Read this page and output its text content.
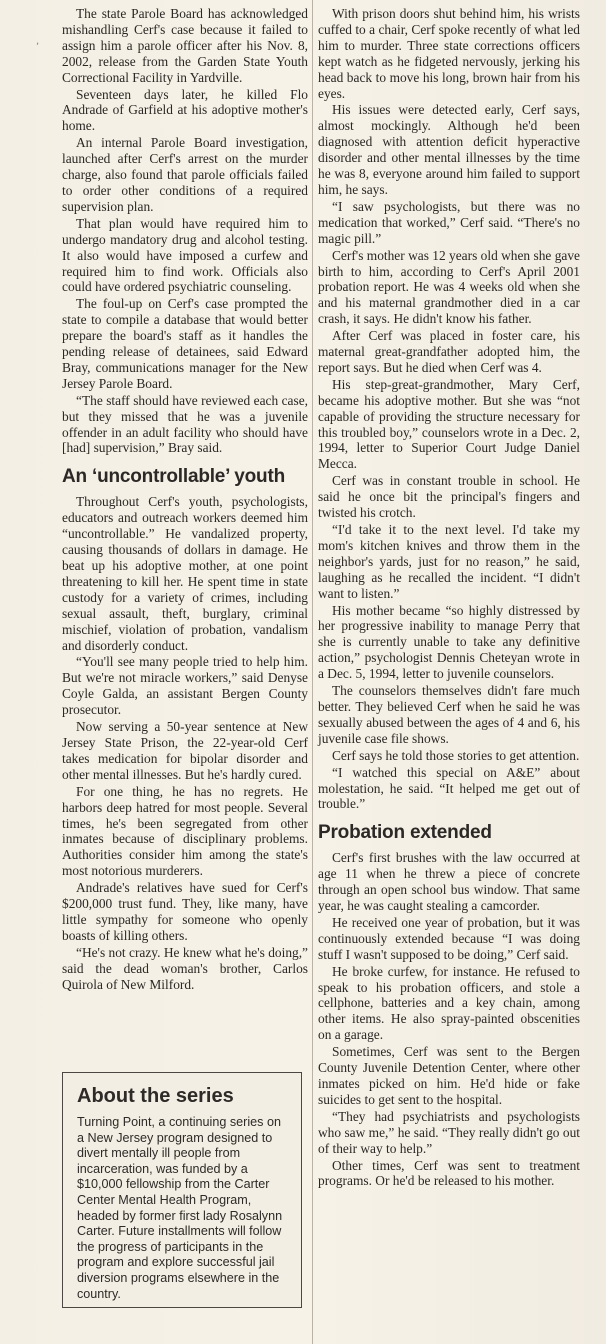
,

The state Parole Board has acknowledged mishandling Cerf's case because it failed to assign him a parole officer after his Nov. 8, 2002, release from the Garden State Youth Correctional Facility in Yardville.

Seventeen days later, he killed Flo Andrade of Garfield at his adoptive mother's home.

An internal Parole Board investigation, launched after Cerf's arrest on the murder charge, also found that parole officials failed to order other conditions of a required supervision plan.

That plan would have required him to undergo mandatory drug and alcohol testing. It also would have imposed a curfew and required him to find work. Officials also could have ordered psychiatric counseling.

The foul-up on Cerf's case prompted the state to compile a database that would better prepare the board's staff as it handles the pending release of detainees, said Edward Bray, communications manager for the New Jersey Parole Board.

“The staff should have reviewed each case, but they missed that he was a juvenile offender in an adult facility who should have [had] supervision,” Bray said.

An ‘uncontrollable’ youth

Throughout Cerf's youth, psychologists, educators and outreach workers deemed him “uncontrollable.” He vandalized property, causing thousands of dollars in damage. He beat up his adoptive mother, at one point threatening to kill her. He spent time in state custody for a variety of crimes, including sexual assault, theft, burglary, criminal mischief, violation of probation, vandalism and disorderly conduct.

“You'll see many people tried to help him. But we're not miracle workers,” said Denyse Coyle Galda, an assistant Bergen County prosecutor.

Now serving a 50-year sentence at New Jersey State Prison, the 22-year-old Cerf takes medication for bipolar disorder and other mental illnesses. But he's hardly cured.

For one thing, he has no regrets. He harbors deep hatred for most people. Several times, he's been segregated from other inmates because of disciplinary problems. Authorities consider him among the state's most notorious murderers.

Andrade's relatives have sued for Cerf's $200,000 trust fund. They, like many, have little sympathy for someone who openly boasts of killing others.

“He's not crazy. He knew what he's doing,” said the dead woman's brother, Carlos Quirola of New Milford.

With prison doors shut behind him, his wrists cuffed to a chair, Cerf spoke recently of what led him to murder. Three state corrections officers kept watch as he fidgeted nervously, jerking his head back to move his long, brown hair from his eyes.

His issues were detected early, Cerf says, almost mockingly. Although he'd been diagnosed with attention deficit hyperactive disorder and other mental illnesses by the time he was 8, everyone around him failed to support him, he says.

“I saw psychologists, but there was no medication that worked,” Cerf said. “There's no magic pill.”

Cerf's mother was 12 years old when she gave birth to him, according to Cerf's April 2001 probation report. He was 4 weeks old when she and his maternal grandmother died in a car crash, it says. He didn't know his father.

After Cerf was placed in foster care, his maternal great-grandfather adopted him, the report says. But he died when Cerf was 4.

His step-great-grandmother, Mary Cerf, became his adoptive mother. But she was “not capable of providing the structure necessary for this troubled boy,” counselors wrote in a Dec. 2, 1994, letter to Superior Court Judge Daniel Mecca.

Cerf was in constant trouble in school. He said he once bit the principal's fingers and twisted his crotch.

“I'd take it to the next level. I'd take my mom's kitchen knives and throw them in the neighbor's yards, just for no reason,” he said, laughing as he recalled the incident. “I didn't want to listen.”

His mother became “so highly distressed by her progressive inability to manage Perry that she is currently unable to take any definitive action,” psychologist Dennis Cheteyan wrote in a Dec. 5, 1994, letter to juvenile counselors.

The counselors themselves didn't fare much better. They believed Cerf when he said he was sexually abused between the ages of 4 and 6, his juvenile case file shows.

Cerf says he told those stories to get attention.

“I watched this special on A&E” about molestation, he said. “It helped me get out of trouble.”

Probation extended

Cerf's first brushes with the law occurred at age 11 when he threw a piece of concrete through an open school bus window. That same year, he was caught stealing a camcorder.

He received one year of probation, but it was continuously extended because “I was doing stuff I wasn't supposed to be doing,” Cerf said.

He broke curfew, for instance. He refused to speak to his probation officers, and stole a cellphone, batteries and a key chain, among other items. He also spray-painted obscenities on a garage.

Sometimes, Cerf was sent to the Bergen County Juvenile Detention Center, where other inmates picked on him. He'd hide or fake suicides to get sent to the hospital.

“They had psychiatrists and psychologists who saw me,” he said. “They really didn't go out of their way to help.”

Other times, Cerf was sent to treatment programs. Or he'd be released to his mother.

About the series

Turning Point, a continuing series on a New Jersey program designed to divert mentally ill people from incarceration, was funded by a $10,000 fellowship from the Carter Center Mental Health Program, headed by former first lady Rosalynn Carter. Future installments will follow the progress of participants in the program and explore successful jail diversion programs elsewhere in the country.
